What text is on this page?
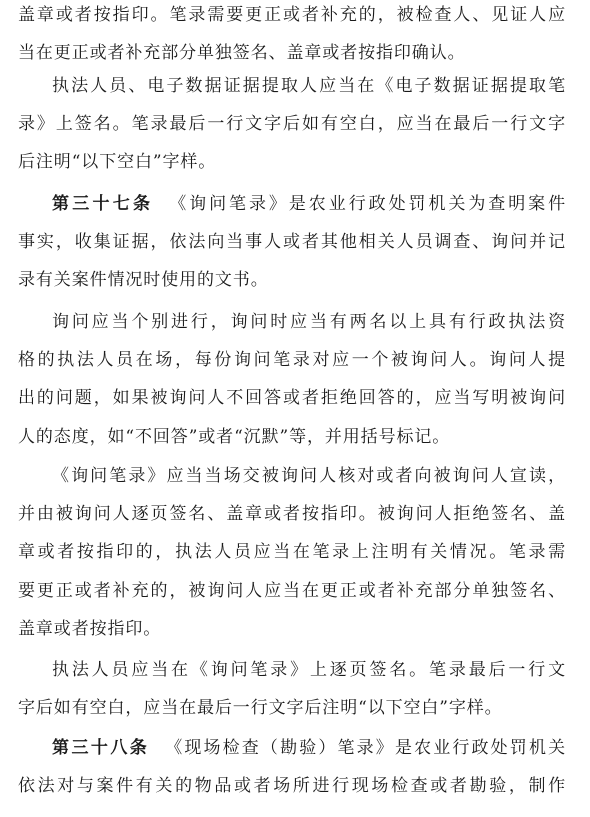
盖章或者按指印。笔录需要更正或者补充的，被检查人、见证人应
当在更正或者补充部分单独签名、盖章或者按指印确认。
执法人员、电子数据证据提取人应当在《电子数据证据提取笔
录》上签名。笔录最后一行文字后如有空白，应当在最后一行文字
后注明“以下空白”字样。
第三十七条 《询问笔录》是农业行政处罚机关为查明案件
事实，收集证据，依法向当事人或者其他相关人员调查、询问并记
录有关案件情况时使用的文书。
询问应当个别进行，询问时应当有两名以上具有行政执法资
格的执法人员在场，每份询问笔录对应一个被询问人。询问人提
出的问题，如果被询问人不回答或者拒绝回答的，应当写明被询问
人的态度，如“不回答”或者“沉默”等，并用括号标记。
《询问笔录》应当当场交被询问人核对或者向被询问人宣读，
并由被询问人逐页签名、盖章或者按指印。被询问人拒绝签名、盖
章或者按指印的，执法人员应当在笔录上注明有关情况。笔录需
要更正或者补充的，被询问人应当在更正或者补充部分单独签名、
盖章或者按指印。
执法人员应当在《询问笔录》上逐页签名。笔录最后一行文
字后如有空白，应当在最后一行文字后注明“以下空白”字样。
第三十八条 《现场检查（勘验）笔录》是农业行政处罚机关
依法对与案件有关的物品或者场所进行现场检查或者勘验，制作
